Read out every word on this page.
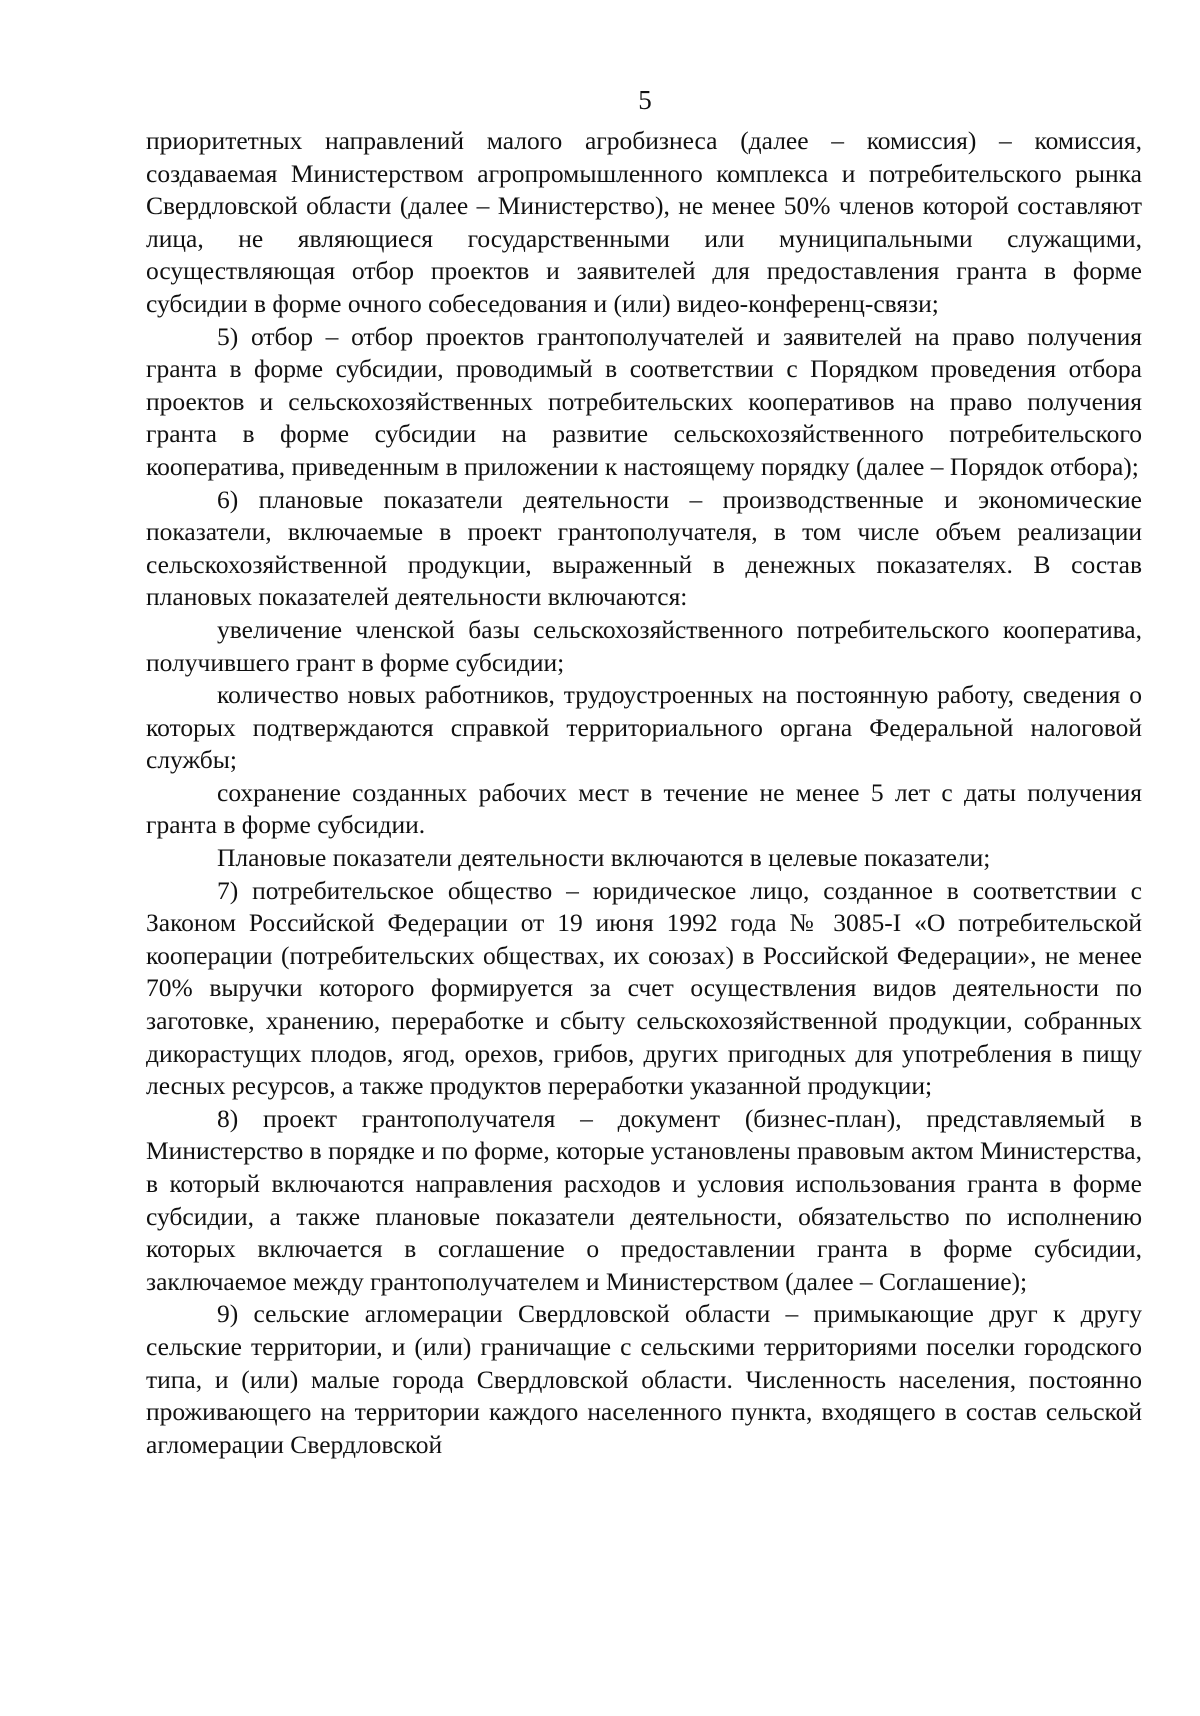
5

приоритетных направлений малого агробизнеса (далее – комиссия) – комиссия, создаваемая Министерством агропромышленного комплекса и потребительского рынка Свердловской области (далее – Министерство), не менее 50% членов которой составляют лица, не являющиеся государственными или муниципальными служащими, осуществляющая отбор проектов и заявителей для предоставления гранта в форме субсидии в форме очного собеседования и (или) видео-конференц-связи;

5) отбор – отбор проектов грантополучателей и заявителей на право получения гранта в форме субсидии, проводимый в соответствии с Порядком проведения отбора проектов и сельскохозяйственных потребительских кооперативов на право получения гранта в форме субсидии на развитие сельскохозяйственного потребительского кооператива, приведенным в приложении к настоящему порядку (далее – Порядок отбора);

6) плановые показатели деятельности – производственные и экономические показатели, включаемые в проект грантополучателя, в том числе объем реализации сельскохозяйственной продукции, выраженный в денежных показателях. В состав плановых показателей деятельности включаются:

увеличение членской базы сельскохозяйственного потребительского кооператива, получившего грант в форме субсидии;

количество новых работников, трудоустроенных на постоянную работу, сведения о которых подтверждаются справкой территориального органа Федеральной налоговой службы;

сохранение созданных рабочих мест в течение не менее 5 лет с даты получения гранта в форме субсидии.

Плановые показатели деятельности включаются в целевые показатели;

7) потребительское общество – юридическое лицо, созданное в соответствии с Законом Российской Федерации от 19 июня 1992 года № 3085-I «О потребительской кооперации (потребительских обществах, их союзах) в Российской Федерации», не менее 70% выручки которого формируется за счет осуществления видов деятельности по заготовке, хранению, переработке и сбыту сельскохозяйственной продукции, собранных дикорастущих плодов, ягод, орехов, грибов, других пригодных для употребления в пищу лесных ресурсов, а также продуктов переработки указанной продукции;

8) проект грантополучателя – документ (бизнес-план), представляемый в Министерство в порядке и по форме, которые установлены правовым актом Министерства, в который включаются направления расходов и условия использования гранта в форме субсидии, а также плановые показатели деятельности, обязательство по исполнению которых включается в соглашение о предоставлении гранта в форме субсидии, заключаемое между грантополучателем и Министерством (далее – Соглашение);

9) сельские агломерации Свердловской области – примыкающие друг к другу сельские территории, и (или) граничащие с сельскими территориями поселки городского типа, и (или) малые города Свердловской области. Численность населения, постоянно проживающего на территории каждого населенного пункта, входящего в состав сельской агломерации Свердловской
